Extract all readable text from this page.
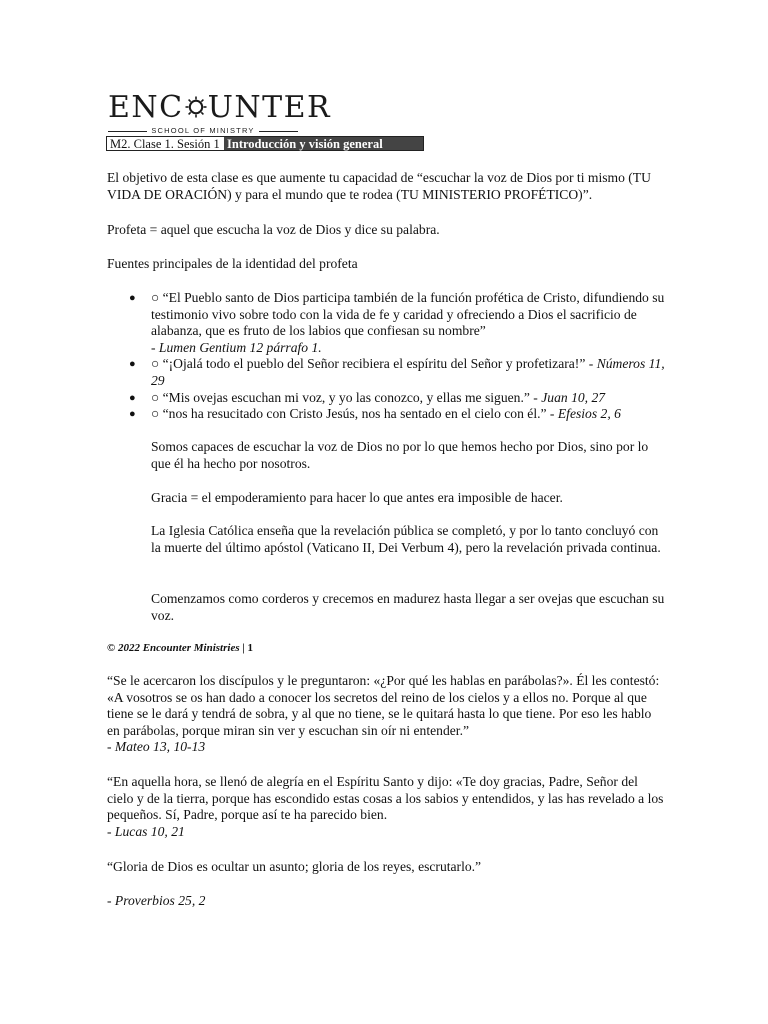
ENC UNTER
SCHOOL OF MINISTRY
M2. Clase 1. Sesión 1 Introducción y visión general

El objetivo de esta clase es que aumente tu capacidad de “escuchar la voz de Dios por ti mismo (TU VIDA DE ORACIÓN) y para el mundo que te rodea (TU MINISTERIO PROFÉTICO)”.

Profeta = aquel que escucha la voz de Dios y dice su palabra.

Fuentes principales de la identidad del profeta

● ○ “El Pueblo santo de Dios participa también de la función profética de Cristo, difundiendo su testimonio vivo sobre todo con la vida de fe y caridad y ofreciendo a Dios el sacrificio de alabanza, que es fruto de los labios que confiesan su nombre”
- Lumen Gentium 12 párrafo 1.
● ○ “¡Ojalá todo el pueblo del Señor recibiera el espíritu del Señor y profetizara!” - Números 11, 29
● ○ “Mis ovejas escuchan mi voz, y yo las conozco, y ellas me siguen.” - Juan 10, 27
● ○ “nos ha resucitado con Cristo Jesús, nos ha sentado en el cielo con él.” - Efesios 2, 6

Somos capaces de escuchar la voz de Dios no por lo que hemos hecho por Dios, sino por lo que él ha hecho por nosotros.

Gracia = el empoderamiento para hacer lo que antes era imposible de hacer.

La Iglesia Católica enseña que la revelación pública se completó, y por lo tanto concluyó con la muerte del último apóstol (Vaticano II, Dei Verbum 4), pero la revelación privada continua.

Comenzamos como corderos y crecemos en madurez hasta llegar a ser ovejas que escuchan su voz.

© 2022 Encounter Ministries | 1
“Se le acercaron los discípulos y le preguntaron: «¿Por qué les hablas en parábolas?». Él les contestó: «A vosotros se os han dado a conocer los secretos del reino de los cielos y a ellos no. Porque al que tiene se le dará y tendrá de sobra, y al que no tiene, se le quitará hasta lo que tiene. Por eso les hablo en parábolas, porque miran sin ver y escuchan sin oír ni entender.”
- Mateo 13, 10-13
“En aquella hora, se llenó de alegría en el Espíritu Santo y dijo: «Te doy gracias, Padre, Señor del cielo y de la tierra, porque has escondido estas cosas a los sabios y entendidos, y las has revelado a los pequeños. Sí, Padre, porque así te ha parecido bien.
- Lucas 10, 21

“Gloria de Dios es ocultar un asunto; gloria de los reyes, escrutarlo.”

- Proverbios 25, 2
